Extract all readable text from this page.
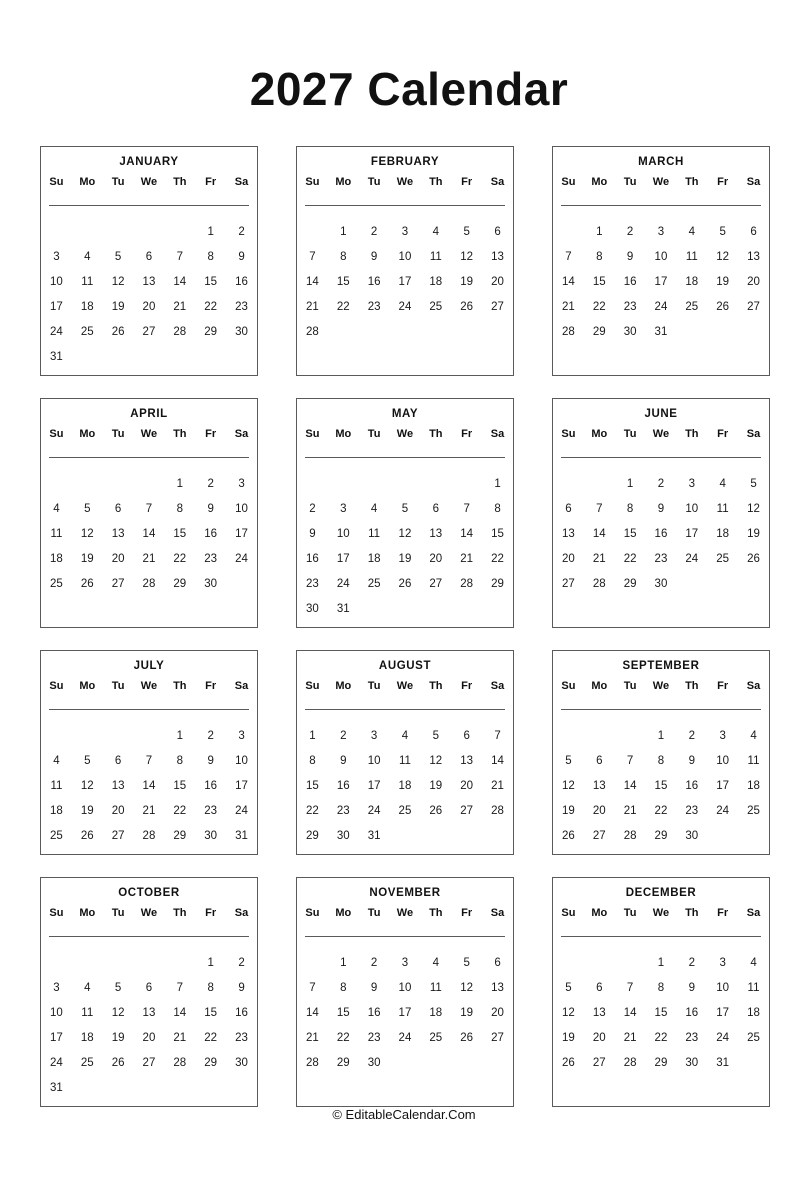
2027 Calendar
JANUARY
Su	Mo	Tu	We	Th	Fr	Sa

					1	2
3	4	5	6	7	8	9
10	11	12	13	14	15	16
17	18	19	20	21	22	23
24	25	26	27	28	29	30
31						
FEBRUARY
Su	Mo	Tu	We	Th	Fr	Sa

	1	2	3	4	5	6
7	8	9	10	11	12	13
14	15	16	17	18	19	20
21	22	23	24	25	26	27
28						
MARCH
Su	Mo	Tu	We	Th	Fr	Sa

	1	2	3	4	5	6
7	8	9	10	11	12	13
14	15	16	17	18	19	20
21	22	23	24	25	26	27
28	29	30	31			
APRIL
Su	Mo	Tu	We	Th	Fr	Sa

				1	2	3
4	5	6	7	8	9	10
11	12	13	14	15	16	17
18	19	20	21	22	23	24
25	26	27	28	29	30	
MAY
Su	Mo	Tu	We	Th	Fr	Sa

						1
2	3	4	5	6	7	8
9	10	11	12	13	14	15
16	17	18	19	20	21	22
23	24	25	26	27	28	29
30	31					
JUNE
Su	Mo	Tu	We	Th	Fr	Sa

		1	2	3	4	5
6	7	8	9	10	11	12
13	14	15	16	17	18	19
20	21	22	23	24	25	26
27	28	29	30			
JULY
Su	Mo	Tu	We	Th	Fr	Sa

				1	2	3
4	5	6	7	8	9	10
11	12	13	14	15	16	17
18	19	20	21	22	23	24
25	26	27	28	29	30	31
AUGUST
Su	Mo	Tu	We	Th	Fr	Sa

1	2	3	4	5	6	7
8	9	10	11	12	13	14
15	16	17	18	19	20	21
22	23	24	25	26	27	28
29	30	31				
SEPTEMBER
Su	Mo	Tu	We	Th	Fr	Sa

			1	2	3	4
5	6	7	8	9	10	11
12	13	14	15	16	17	18
19	20	21	22	23	24	25
26	27	28	29	30		
OCTOBER
Su	Mo	Tu	We	Th	Fr	Sa

					1	2
3	4	5	6	7	8	9
10	11	12	13	14	15	16
17	18	19	20	21	22	23
24	25	26	27	28	29	30
31						
NOVEMBER
Su	Mo	Tu	We	Th	Fr	Sa

	1	2	3	4	5	6
7	8	9	10	11	12	13
14	15	16	17	18	19	20
21	22	23	24	25	26	27
28	29	30				
DECEMBER
Su	Mo	Tu	We	Th	Fr	Sa

			1	2	3	4
5	6	7	8	9	10	11
12	13	14	15	16	17	18
19	20	21	22	23	24	25
26	27	28	29	30	31	
© EditableCalendar.Com
